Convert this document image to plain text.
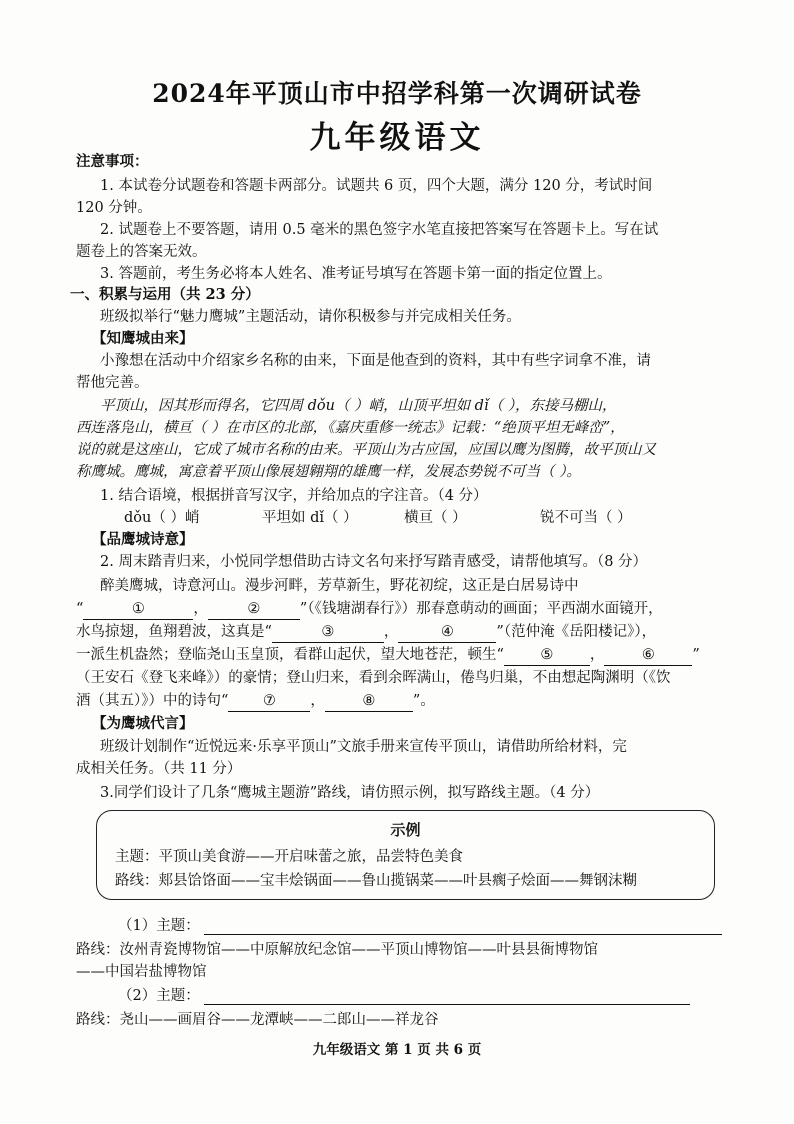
2024年平顶山市中招学科第一次调研试卷
九年级语文
注意事项：
1. 本试卷分试题卷和答题卡两部分。试题共 6 页，四个大题，满分 120 分，考试时间
120 分钟。
2. 试题卷上不要答题，请用 0.5 毫米的黑色签字水笔直接把答案写在答题卡上。写在试
题卷上的答案无效。
3. 答题前，考生务必将本人姓名、准考证号填写在答题卡第一面的指定位置上。
一、积累与运用（共 23 分）
班级拟举行“魅力鹰城”主题活动，请你积极参与并完成相关任务。
【知鹰城由来】
小豫想在活动中介绍家乡名称的由来，下面是他查到的资料，其中有些字词拿不准，请
帮他完善。
平顶山，因其形而得名，它四周 dǒu（ ）峭，山顶平坦如 dǐ（ ），东接马棚山，
西连落凫山，横亘（ ）在市区的北部，《嘉庆重修一统志》记载：“绝顶平坦无峰峦”，
说的就是这座山，它成了城市名称的由来。平顶山为古应国，应国以鹰为图腾，故平顶山又
称鹰城。鹰城，寓意着平顶山像展翅翱翔的雄鹰一样，发展态势锐不可当（ ）。
1. 结合语境，根据拼音写汉字，并给加点的字注音。（4 分）
dǒu（ ）峭	平坦如 dǐ（ ）	横亘（ ）	锐不可当（ ）
【品鹰城诗意】
2. 周末踏青归来，小悦同学想借助古诗文名句来抒写踏青感受，请帮他填写。（8 分）
醉美鹰城，诗意河山。漫步河畔，芳草新生，野花初绽，这正是白居易诗中
“	①	，	②	”（《钱塘湖春行》）那春意萌动的画面；平西湖水面镜开，
水鸟掠翅，鱼翔碧波，这真是“	③	，	④	”（范仲淹《岳阳楼记》），
一派生机盎然；登临尧山玉皇顶，看群山起伏，望大地苍茫，顿生“	⑤	，	⑥	”
（王安石《登飞来峰》）的豪情；登山归来，看到余晖满山，倦鸟归巢，不由想起陶渊明（《饮
酒（其五）》）中的诗句“ ⑦ ，	⑧	”。
【为鹰城代言】
班级计划制作“近悦远来·乐享平顶山”文旅手册来宣传平顶山，请借助所给材料，完
成相关任务。（共 11 分）
3.同学们设计了几条“鹰城主题游”路线，请仿照示例，拟写路线主题。（4 分）
示例
主题：平顶山美食游——开启味蕾之旅，品尝特色美食
路线：郏县饸饹面——宝丰烩锅面——鲁山揽锅菜——叶县瘸子烩面——舞钢沫糊
（1）主题：
路线：汝州青瓷博物馆——中原解放纪念馆——平顶山博物馆——叶县县衙博物馆
——中国岩盐博物馆
（2）主题：
路线：尧山——画眉谷——龙潭峡——二郎山——祥龙谷
九年级语文 第 1 页 共 6 页
